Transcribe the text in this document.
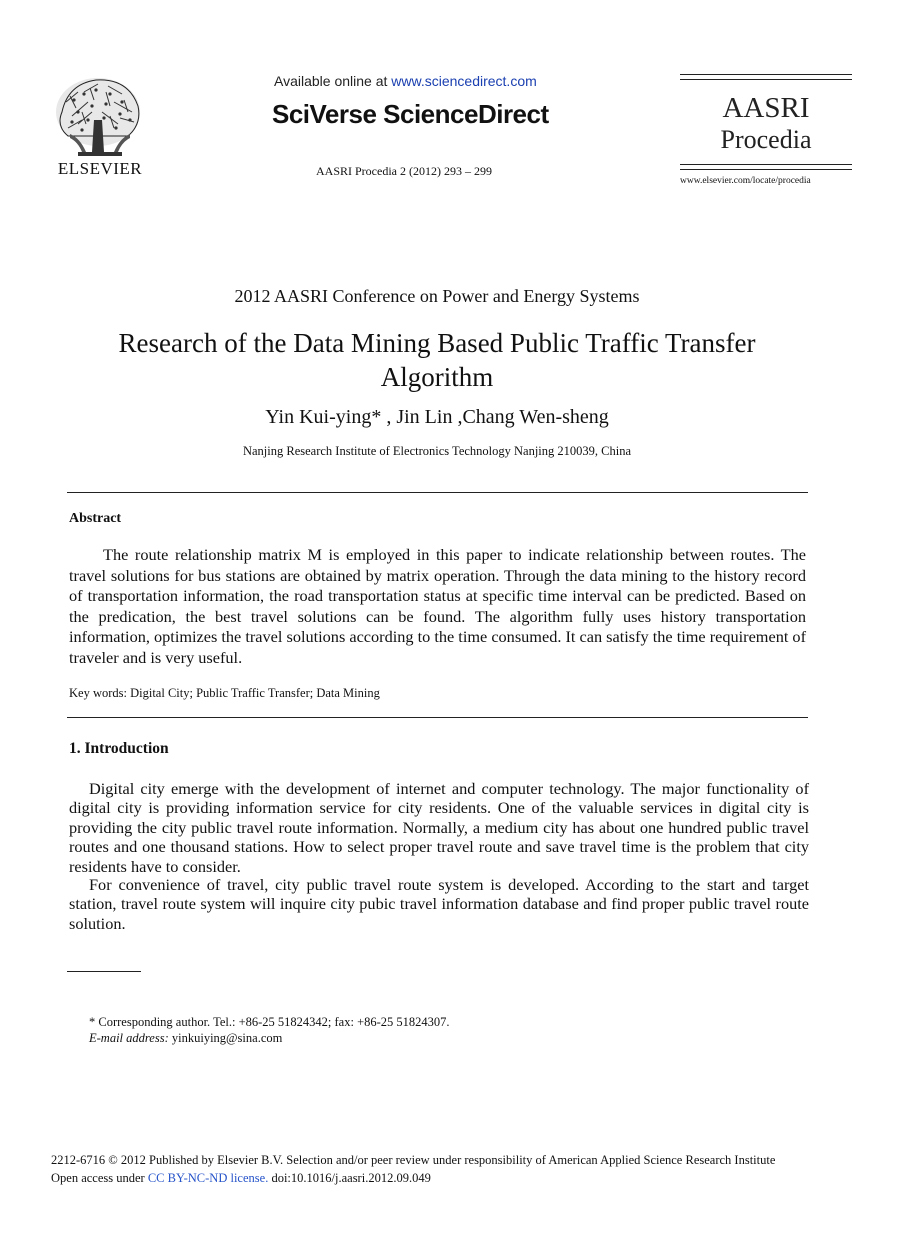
ELSEVIER
Available online at www.sciencedirect.com
SciVerse ScienceDirect
AASRI Procedia 2 (2012) 293 – 299
AASRI
Procedia
www.elsevier.com/locate/procedia
2012 AASRI Conference on Power and Energy Systems
Research of the Data Mining Based Public Traffic Transfer Algorithm
Yin Kui-ying* , Jin Lin ,Chang Wen-sheng
Nanjing Research Institute of Electronics Technology Nanjing 210039, China
Abstract

The route relationship matrix M is employed in this paper to indicate relationship between routes. The travel solutions for bus stations are obtained by matrix operation. Through the data mining to the history record of transportation information, the road transportation status at specific time interval can be predicted. Based on the predication, the best travel solutions can be found. The algorithm fully uses history transportation information, optimizes the travel solutions according to the time consumed. It can satisfy the time requirement of traveler and is very useful.

Key words: Digital City; Public Traffic Transfer; Data Mining
1. Introduction

Digital city emerge with the development of internet and computer technology. The major functionality of digital city is providing information service for city residents. One of the valuable services in digital city is providing the city public travel route information. Normally, a medium city has about one hundred public travel routes and one thousand stations. How to select proper travel route and save travel time is the problem that city residents have to consider.

For convenience of travel, city public travel route system is developed. According to the start and target station, travel route system will inquire city pubic travel information database and find proper public travel route solution.

* Corresponding author. Tel.: +86-25 51824342; fax: +86-25 51824307.
E-mail address: yinkuiying@sina.com
2212-6716 © 2012 Published by Elsevier B.V. Selection and/or peer review under responsibility of American Applied Science Research Institute
Open access under CC BY-NC-ND license. doi:10.1016/j.aasri.2012.09.049
